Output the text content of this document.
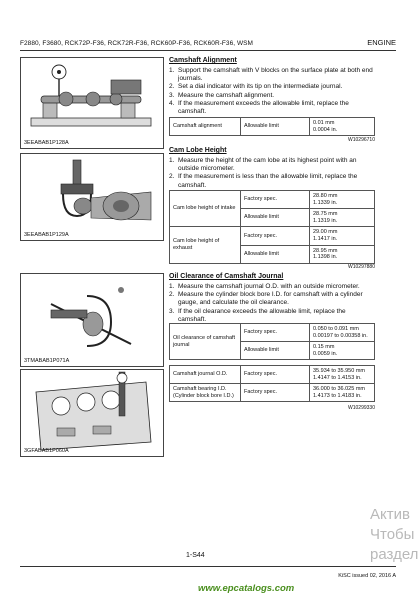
F2880, F3680, RCK72P-F36, RCK72R-F36, RCK60P-F36, RCK60R-F36, WSM	ENGINE
3EEABAB1P128A
3EEABAB1P129A
3TMABAB1P071A
3GFABAB1P060A
Camshaft Alignment
1. Support the camshaft with V blocks on the surface plate at both end journals.
2. Set a dial indicator with its tip on the intermediate journal.
3. Measure the camshaft alignment.
4. If the measurement exceeds the allowable limit, replace the camshaft.
Camshaft alignment	Allowable limit	0.01 mm
0.0004 in.
W10296710
Cam Lobe Height
1. Measure the height of the cam lobe at its highest point with an outside micrometer.
2. If the measurement is less than the allowable limit, replace the camshaft.
Cam lobe height of intake	Factory spec.	28.80 mm
1.1339 in.
	Allowable limit	28.75 mm
1.1319 in.
Cam lobe height of exhaust	Factory spec.	29.00 mm
1.1417 in.
	Allowable limit	28.95 mm
1.1398 in.
W10297880
Oil Clearance of Camshaft Journal
1. Measure the camshaft journal O.D. with an outside micrometer.
2. Measure the cylinder block bore I.D. for camshaft with a cylinder gauge, and calculate the oil clearance.
3. If the oil clearance exceeds the allowable limit, replace the camshaft.
Oil clearance of camshaft journal	Factory spec.	0.050 to 0.091 mm
0.00197 to 0.00358 in.
	Allowable limit	0.15 mm
0.0059 in.
Camshaft journal O.D.	Factory spec.	35.934 to 35.950 mm
1.4147 to 1.4153 in.
Camshaft bearing I.D. (Cylinder block bore I.D.)	Factory spec.	36.000 to 36.025 mm
1.4173 to 1.4183 in.
W10299330
1-S44
KiSC issued 02, 2016 A
www.epcatalogs.com
Актив
Чтобы
раздел
